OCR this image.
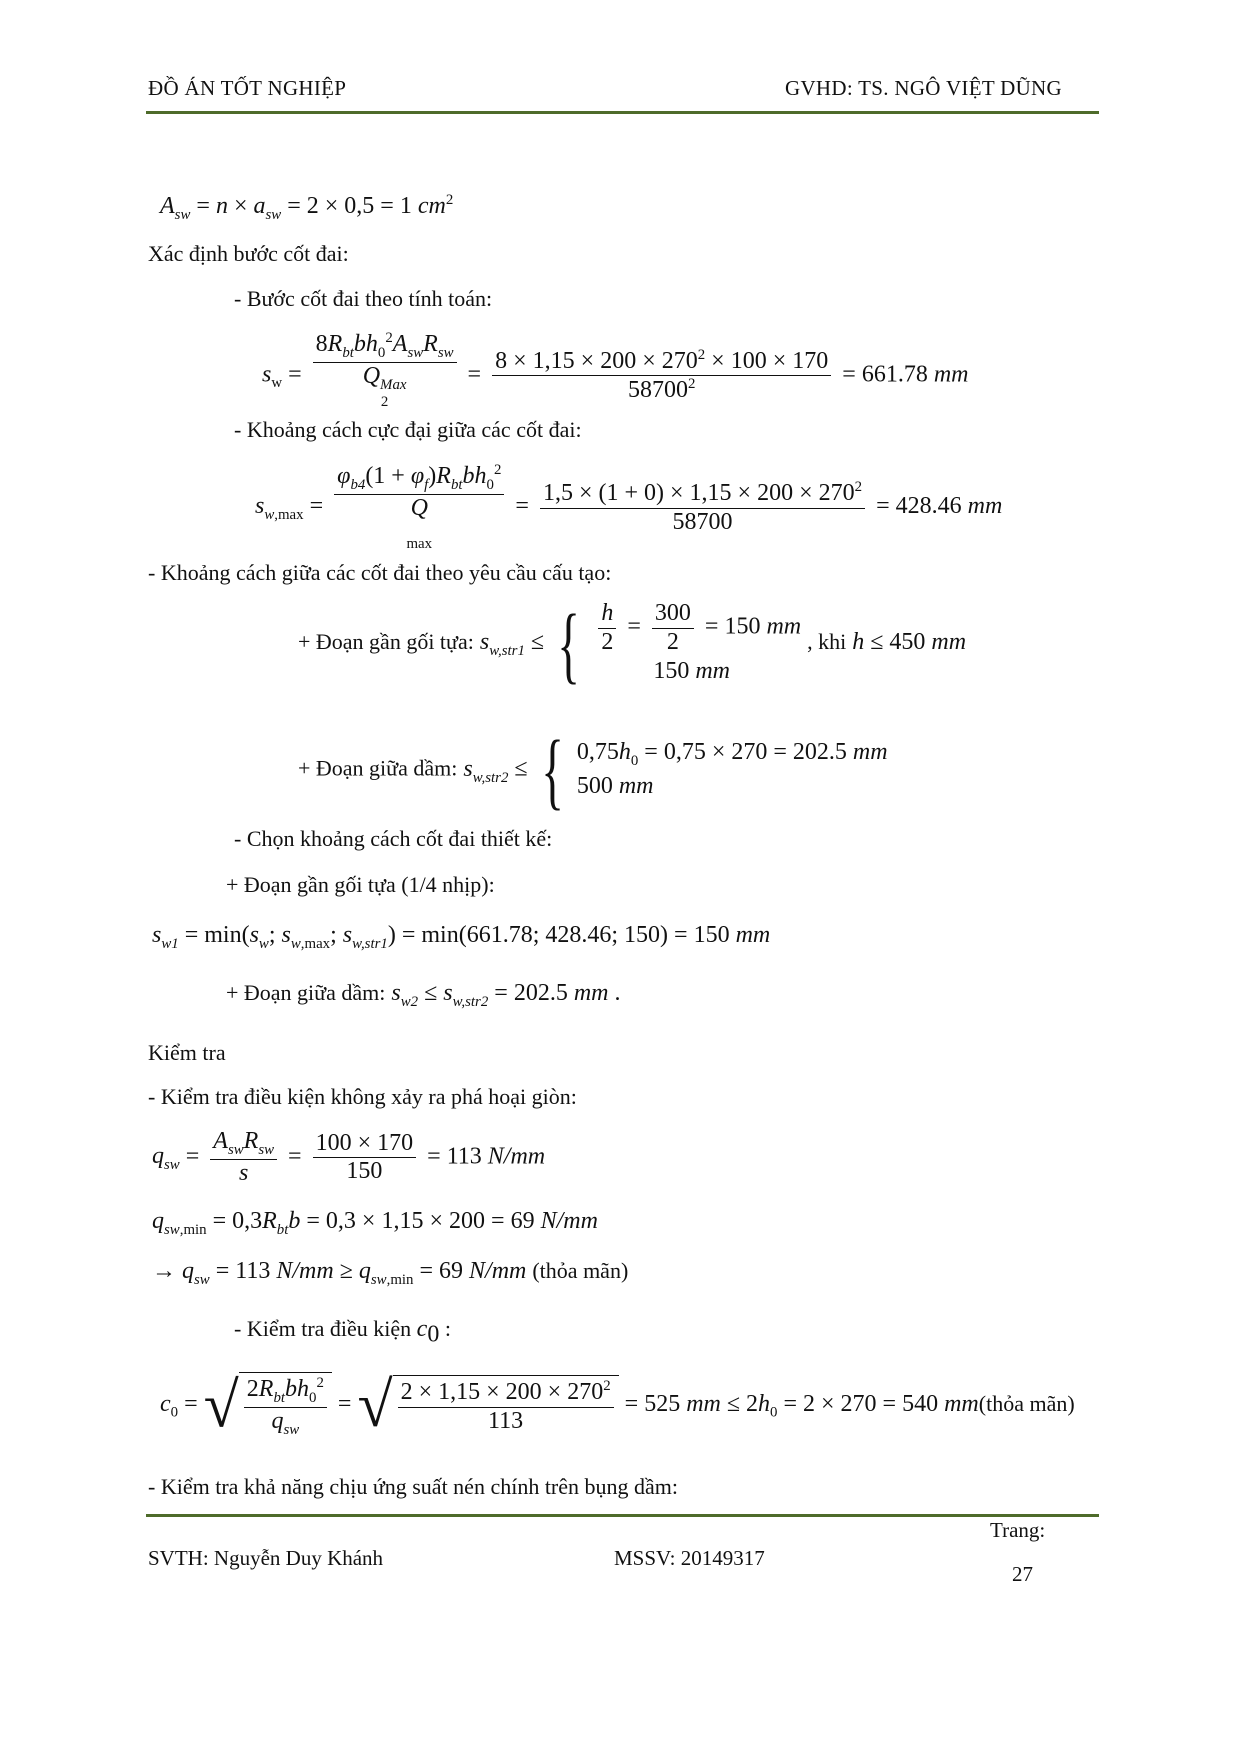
ĐỒ ÁN TỐT NGHIỆP	GVHD: TS. NGÔ VIỆT DŨNG
$A_{sw} = n \times a_{sw} = 2 \times 0,5 = 1$ $cm^2$
Xác định bước cốt đai:
- Bước cốt đai theo tính toán:
$s_w$ =
$8R_{bt}bh_0^2A_{sw}R_{sw}$
$Q_{Max}$
$^2 = \frac{8 \times 1,15 \times 200 \times 270^2 \times 100 \times 170}{58700^2} = 661.78$ mm
- Khoảng cách cực đại giữa các cốt đai:
$s_{w,max}$ =
$\varphi_{b4}(1 + \varphi_f)R_{bt}bh_0^2$
Q
$_{max} = \frac{1,5 \times (1 + 0) \times 1,15 \times 200 \times 270^2}{58700} = 428.46$ mm
- Khoảng cách giữa các cốt đai theo yêu cầu cấu tạo:
+ Đoạn gần gối tựa: $s_{w,str1}$ ≤ { $\frac{h}{2} = \frac{300}{2} = 150$ mm
150 mm
, khi h ≤ 450 mm
+ Đoạn giữa dầm: $s_{w,str2}$ ≤ { $0,75h_0 = 0,75 \times 270 = 202.5$ mm
500 mm
- Chọn khoảng cách cốt đai thiết kế:
+ Đoạn gần gối tựa (1/4 nhịp):
$s_{w1} = \min(s_w$; $s_{w,max}$; $s_{w,str1}) = \min(661.78$; 428.46; 150) = 150 mm
+ Đoạn giữa dầm: $s_{w2} \le s_{w,str2} = 202.5$ mm .
Kiểm tra
- Kiểm tra điều kiện không xảy ra phá hoại giòn:
$q_{sw} = \frac{A_{sw}R_{sw}}{s} = \frac{100 \times 170}{150} = 113$ N/mm
$q_{sw,min} = 0,3R_{bt}b = 0,3 \times 1,15 \times 200 = 69$ N/mm
→ $q_{sw} = 113$ $N/mm \ge q_{sw,min} = 69$ N/mm (thỏa mãn)
- Kiểm tra điều kiện $c_0$ :
$c_0$ = √ $\frac{2R_{bt}bh_0^2}{q_{sw}}$ = √ $\frac{2 \times 1,15 \times 200 \times 270^2}{113} = 525$ mm ≤ $2h_0 = 2 \times 270 = 540$ mm(thỏa mãn)
- Kiểm tra khả năng chịu ứng suất nén chính trên bụng dầm:
SVTH: Nguyễn Duy Khánh	MSSV: 20149317
Trang:
27
